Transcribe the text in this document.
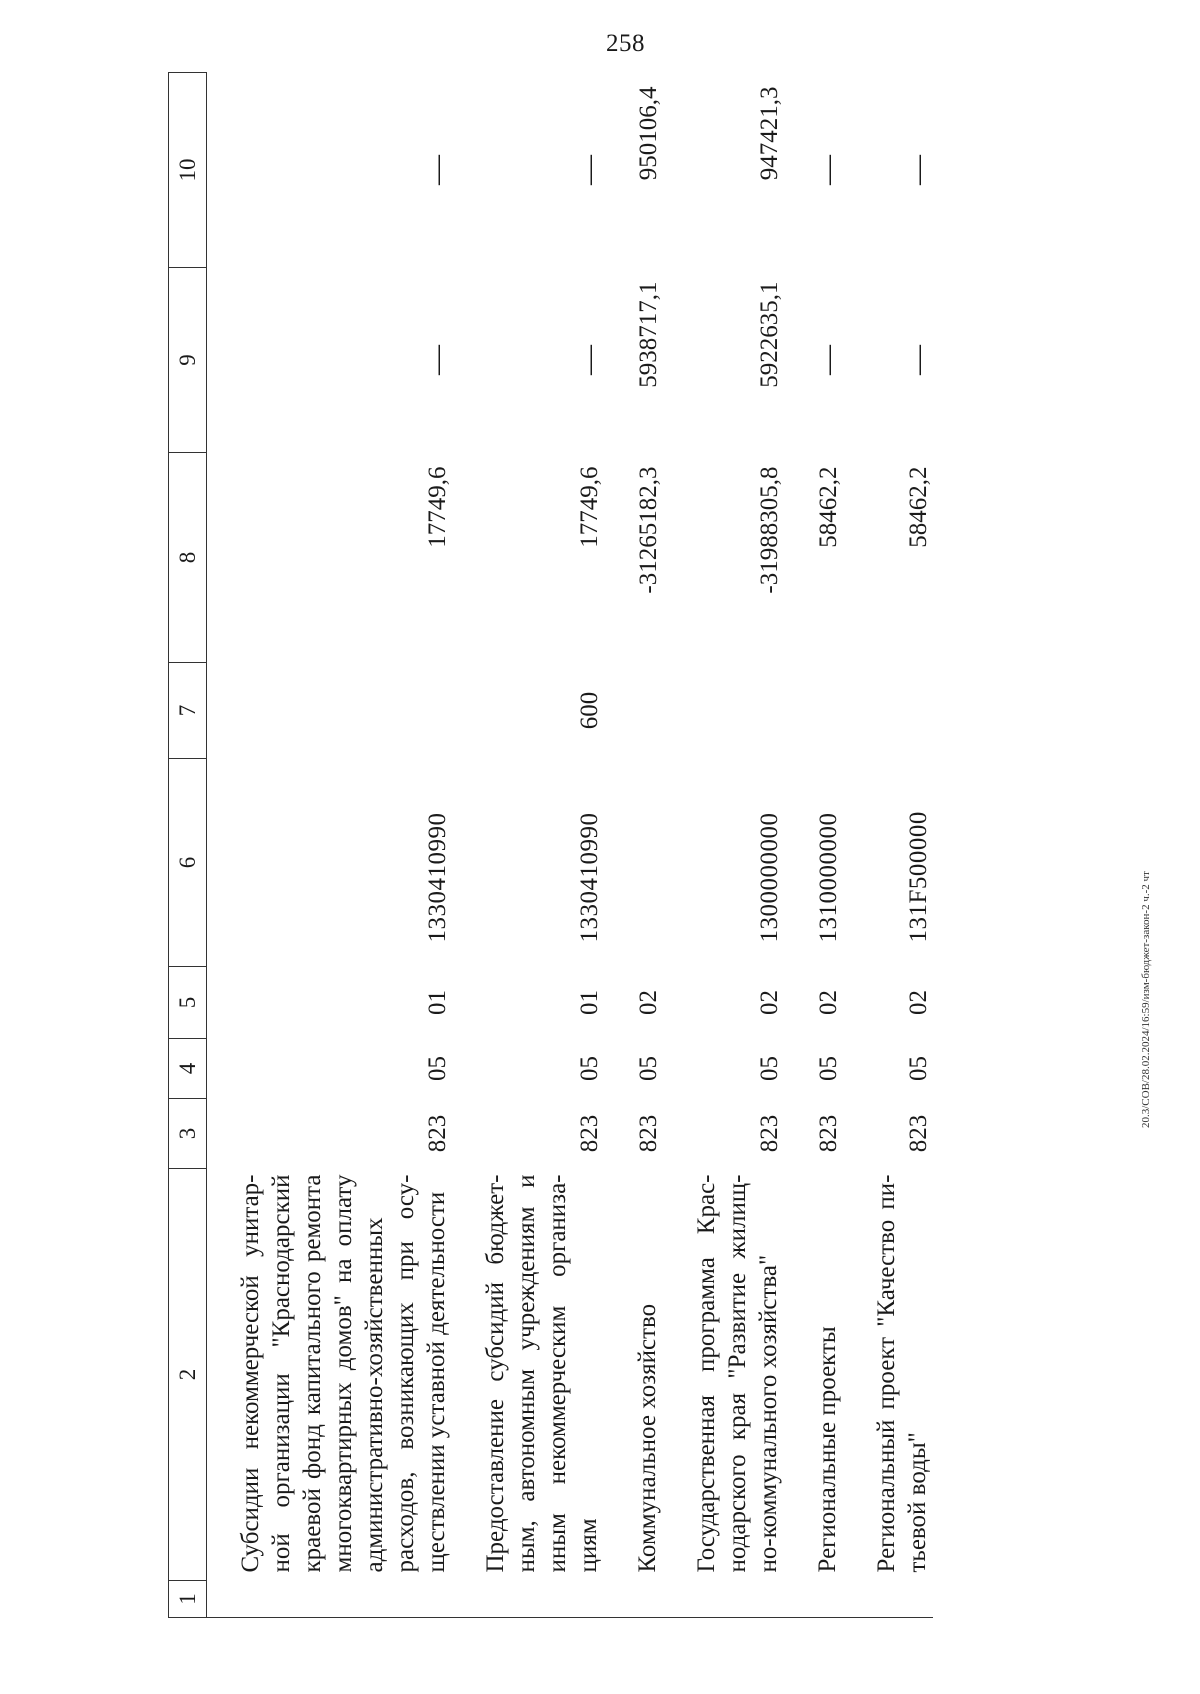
258
20.3/СОВ/28.02.2024/16:59/изм-бюджет-закон-2 ч.-2 чт
1	2	3	4	5	6	7	8	9	10

	Субсидии некоммерческой унитар-ной организации "Краснодарский краевой фонд капитального ремонта многоквартирных домов" на оплату административно-хозяйственных расходов, возникающих при осу-ществлении уставной деятельности	823	05	01	1330410990		17749,6	—	—

	Предоставление субсидий бюджет-ным, автономным учреждениям и иным некоммерческим организа-циям	823	05	01	1330410990	600	17749,6	—	—

	Коммунальное хозяйство	823	05	02			-31265182,3	5938717,1	950106,4

	Государственная программа Крас-нодарского края "Развитие жилищ-но-коммунального хозяйства"	823	05	02	1300000000		-31988305,8	5922635,1	947421,3

	Региональные проекты	823	05	02	1310000000		58462,2	—	—

	Региональный проект "Качество пи-тьевой воды"	823	05	02	131F500000		58462,2	—	—
